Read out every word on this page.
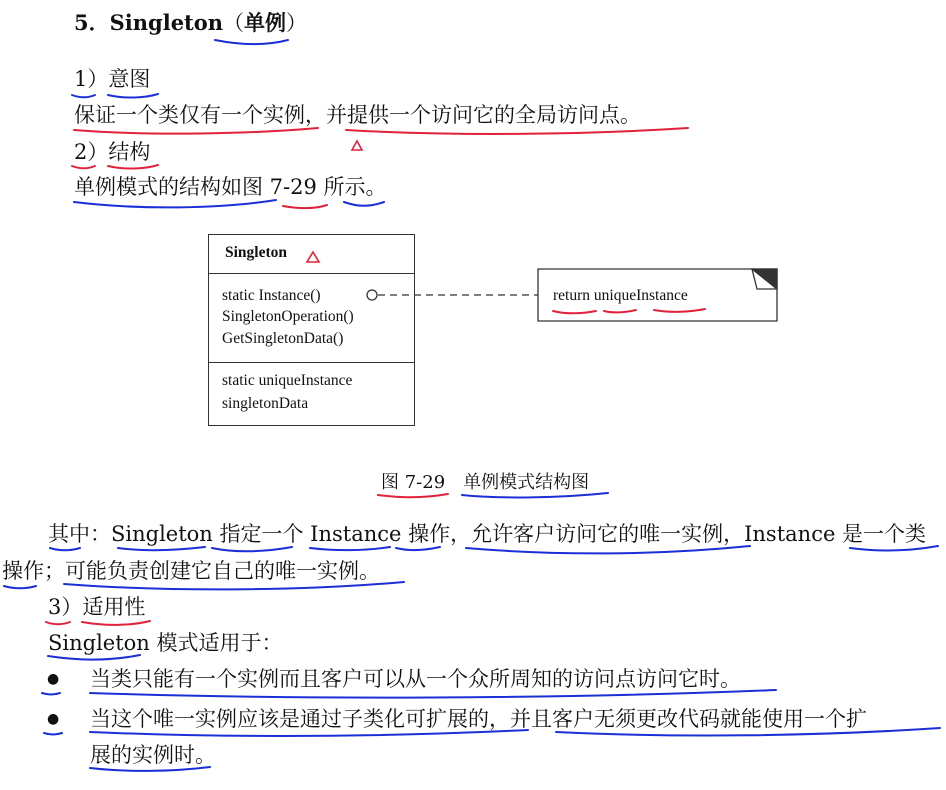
5．Singleton（单例）
1）意图
保证一个类仅有一个实例，并提供一个访问它的全局访问点。
2）结构
单例模式的结构如图 7-29 所示。
Singleton
static Instance()
SingletonOperation()
GetSingletonData()
static uniqueInstance
singletonData
return uniqueInstance
图 7-29　单例模式结构图
其中：Singleton 指定一个 Instance 操作，允许客户访问它的唯一实例，Instance 是一个类
操作；可能负责创建它自己的唯一实例。
3）适用性
Singleton 模式适用于：
● 当类只能有一个实例而且客户可以从一个众所周知的访问点访问它时。
● 当这个唯一实例应该是通过子类化可扩展的，并且客户无须更改代码就能使用一个扩
展的实例时。
